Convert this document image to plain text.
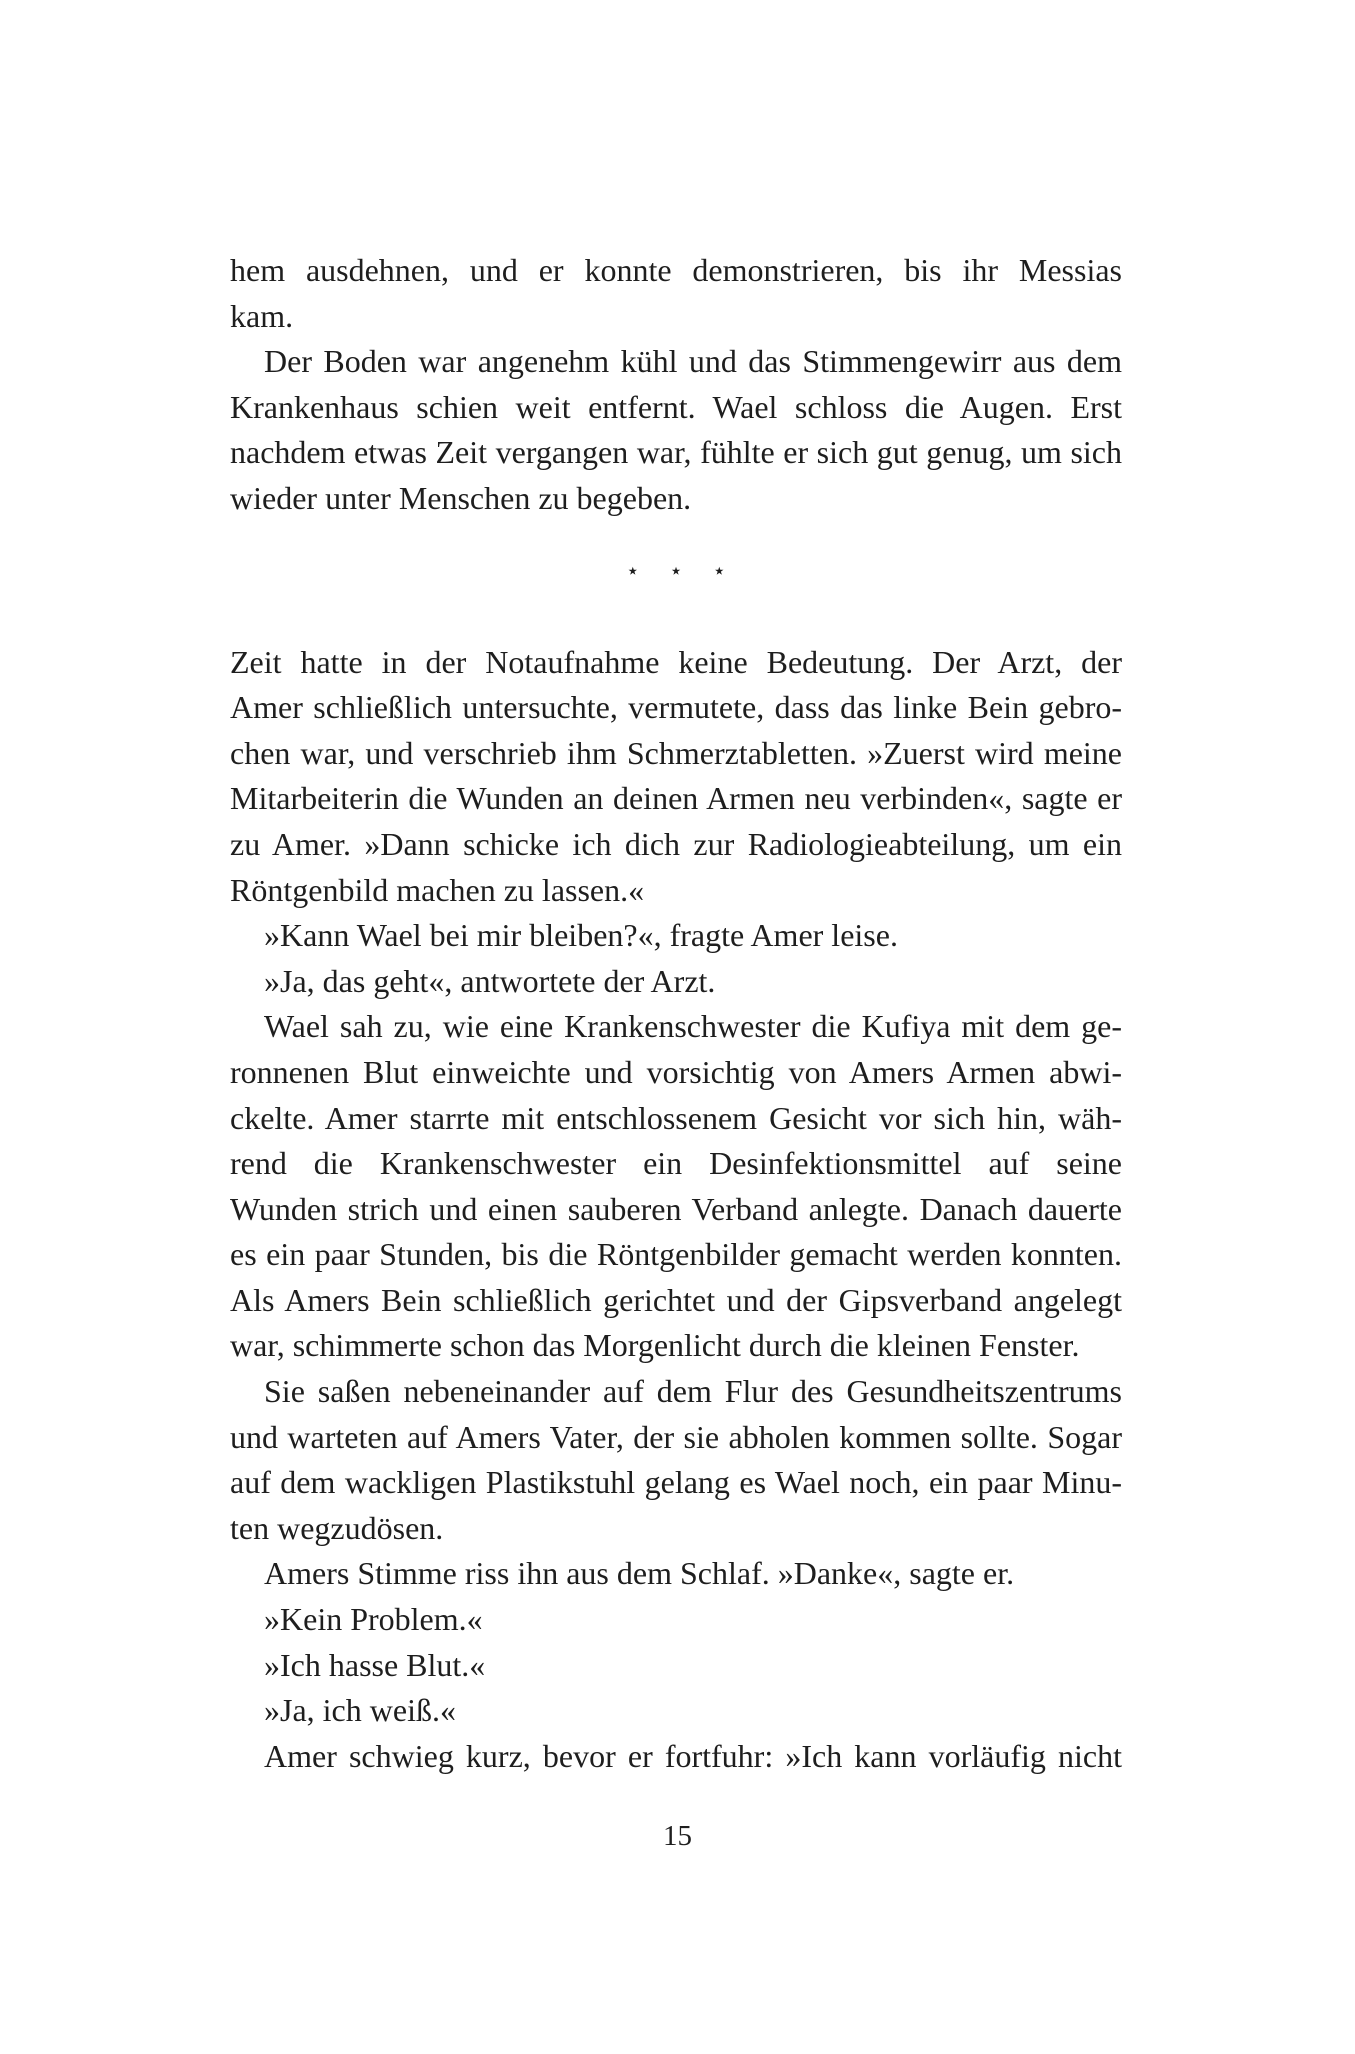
hem ausdehnen, und er konnte demonstrieren, bis ihr Messias
kam.

Der Boden war angenehm kühl und das Stimmengewirr aus dem
Krankenhaus schien weit entfernt. Wael schloss die Augen. Erst
nachdem etwas Zeit vergangen war, fühlte er sich gut genug, um sich
wieder unter Menschen zu begeben.

⋆ ⋆ ⋆

Zeit hatte in der Notaufnahme keine Bedeutung. Der Arzt, der
Amer schließlich untersuchte, vermutete, dass das linke Bein gebro-
chen war, und verschrieb ihm Schmerztabletten. »Zuerst wird meine
Mitarbeiterin die Wunden an deinen Armen neu verbinden«, sagte er
zu Amer. »Dann schicke ich dich zur Radiologieabteilung, um ein
Röntgenbild machen zu lassen.«

»Kann Wael bei mir bleiben?«, fragte Amer leise.

»Ja, das geht«, antwortete der Arzt.

Wael sah zu, wie eine Krankenschwester die Kufiya mit dem ge-
ronnenen Blut einweichte und vorsichtig von Amers Armen abwi-
ckelte. Amer starrte mit entschlossenem Gesicht vor sich hin, wäh-
rend die Krankenschwester ein Desinfektionsmittel auf seine
Wunden strich und einen sauberen Verband anlegte. Danach dauerte
es ein paar Stunden, bis die Röntgenbilder gemacht werden konnten.
Als Amers Bein schließlich gerichtet und der Gipsverband angelegt
war, schimmerte schon das Morgenlicht durch die kleinen Fenster.

Sie saßen nebeneinander auf dem Flur des Gesundheitszentrums
und warteten auf Amers Vater, der sie abholen kommen sollte. Sogar
auf dem wackligen Plastikstuhl gelang es Wael noch, ein paar Minu-
ten wegzudösen.

Amers Stimme riss ihn aus dem Schlaf. »Danke«, sagte er.

»Kein Problem.«

»Ich hasse Blut.«

»Ja, ich weiß.«

Amer schwieg kurz, bevor er fortfuhr: »Ich kann vorläufig nicht

15
